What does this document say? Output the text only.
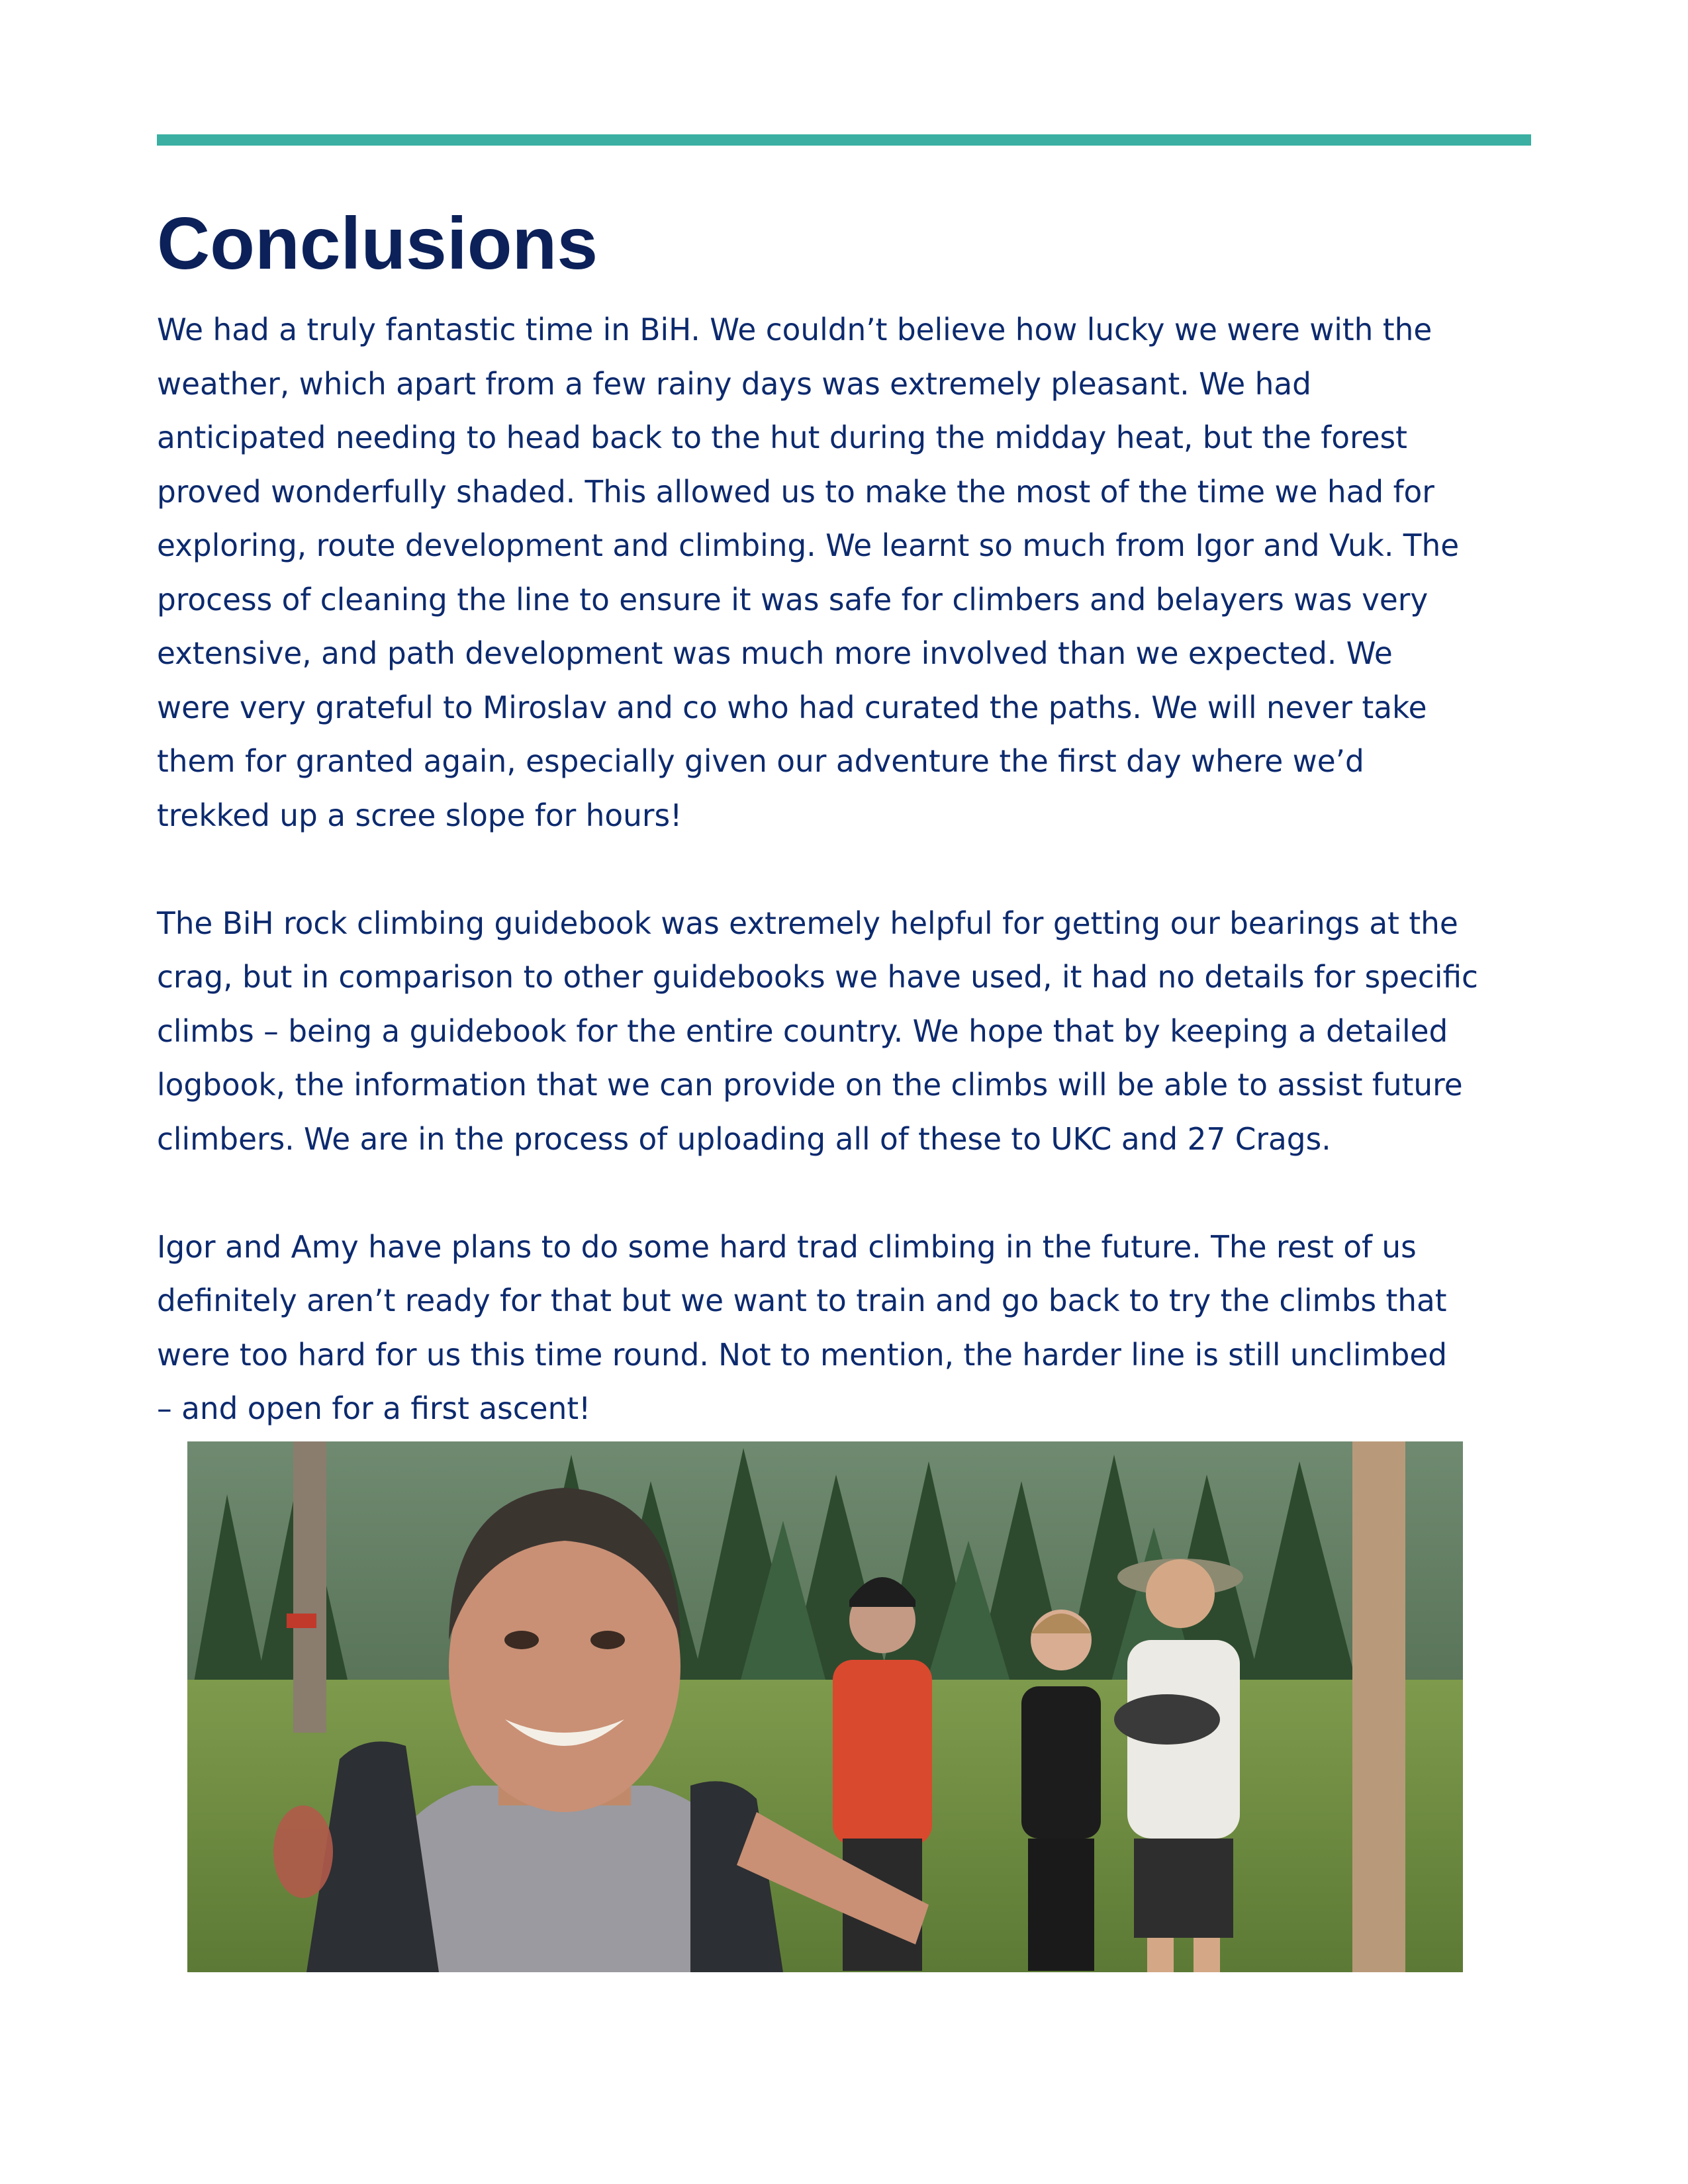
Conclusions

We had a truly fantastic time in BiH. We couldn’t believe how lucky we were with the
weather, which apart from a few rainy days was extremely pleasant. We had
anticipated needing to head back to the hut during the midday heat, but the forest
proved wonderfully shaded. This allowed us to make the most of the time we had for
exploring, route development and climbing. We learnt so much from Igor and Vuk. The
process of cleaning the line to ensure it was safe for climbers and belayers was very
extensive, and path development was much more involved than we expected. We
were very grateful to Miroslav and co who had curated the paths. We will never take
them for granted again, especially given our adventure the first day where we’d
trekked up a scree slope for hours!

The BiH rock climbing guidebook was extremely helpful for getting our bearings at the
crag, but in comparison to other guidebooks we have used, it had no details for specific
climbs – being a guidebook for the entire country. We hope that by keeping a detailed
logbook, the information that we can provide on the climbs will be able to assist future
climbers. We are in the process of uploading all of these to UKC and 27 Crags.

Igor and Amy have plans to do some hard trad climbing in the future. The rest of us
definitely aren’t ready for that but we want to train and go back to try the climbs that
were too hard for us this time round. Not to mention, the harder line is still unclimbed
– and open for a first ascent!
